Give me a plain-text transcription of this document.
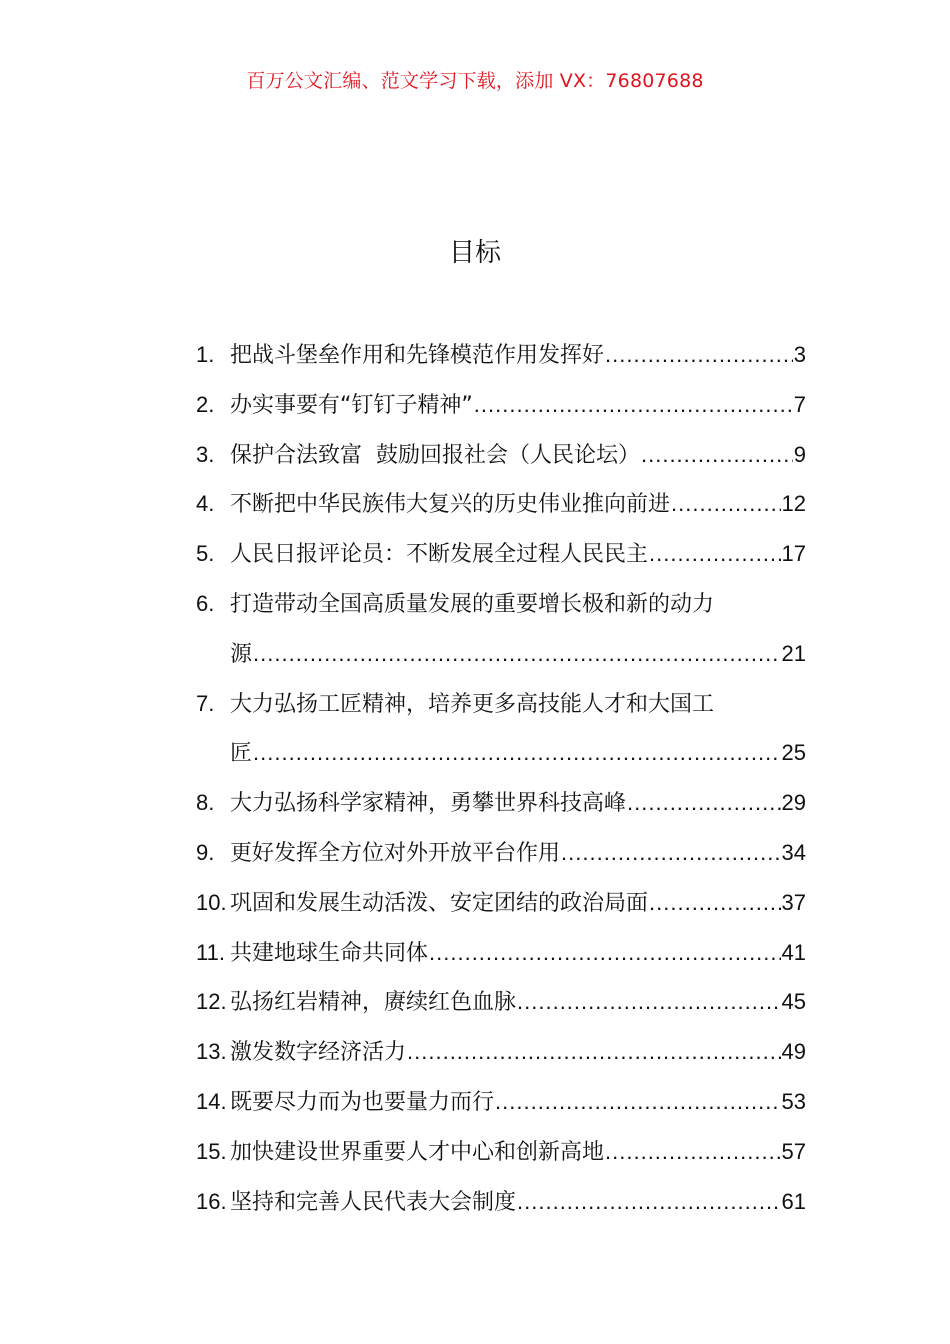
百万公文汇编、范文学习下载，添加 VX：76807688
目标
1. 把战斗堡垒作用和先锋模范作用发挥好 .....	3
2. 办实事要有“钉钉子精神” .....	7
3. 保护合法致富  鼓励回报社会（人民论坛） .....	9
4. 不断把中华民族伟大复兴的历史伟业推向前进 .....	12
5. 人民日报评论员：不断发展全过程人民民主 .....	17
6. 打造带动全国高质量发展的重要增长极和新的动力
源 .....	21
7. 大力弘扬工匠精神，培养更多高技能人才和大国工
匠 .....	25
8. 大力弘扬科学家精神，勇攀世界科技高峰 .....	29
9. 更好发挥全方位对外开放平台作用 .....	34
10. 巩固和发展生动活泼、安定团结的政治局面 .....	37
11. 共建地球生命共同体 .....	41
12. 弘扬红岩精神，赓续红色血脉 .....	45
13. 激发数字经济活力 .....	49
14. 既要尽力而为也要量力而行 .....	53
15. 加快建设世界重要人才中心和创新高地 .....	57
16. 坚持和完善人民代表大会制度 .....	61
